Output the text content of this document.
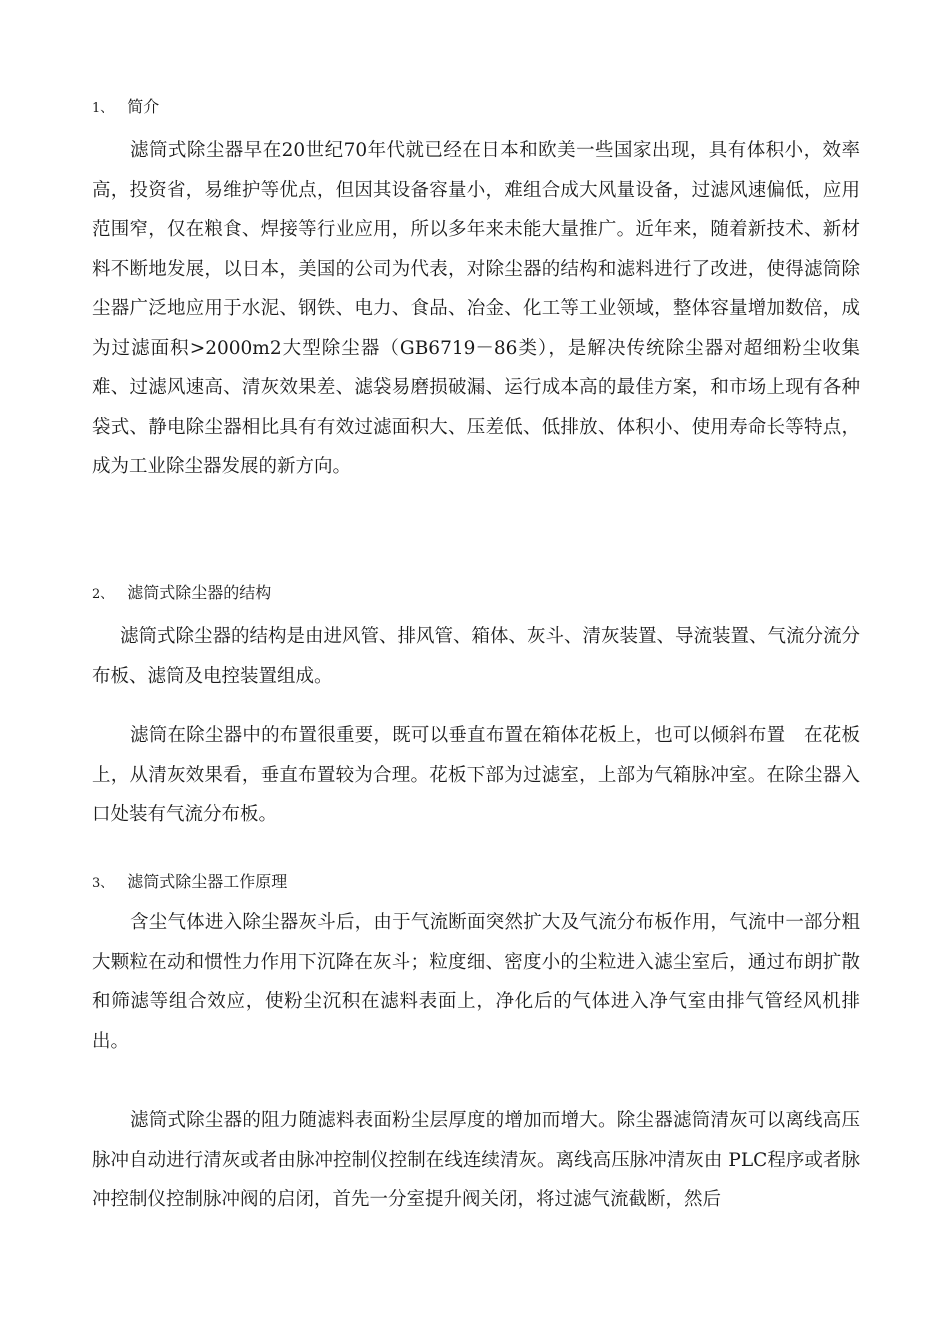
1、 简介

滤筒式除尘器早在20世纪70年代就已经在日本和欧美一些国家出现，具有体积小，效率高，投资省，易维护等优点，但因其设备容量小，难组合成大风量设备，过滤风速偏低，应用范围窄，仅在粮食、焊接等行业应用，所以多年来未能大量推广。近年来，随着新技术、新材料不断地发展，以日本，美国的公司为代表，对除尘器的结构和滤料进行了改进，使得滤筒除尘器广泛地应用于水泥、钢铁、电力、食品、冶金、化工等工业领域，整体容量增加数倍，成为过滤面积>2000m2大型除尘器（GB6719－86类），是解决传统除尘器对超细粉尘收集难、过滤风速高、清灰效果差、滤袋易磨损破漏、运行成本高的最佳方案，和市场上现有各种袋式、静电除尘器相比具有有效过滤面积大、压差低、低排放、体积小、使用寿命长等特点，成为工业除尘器发展的新方向。

2、 滤筒式除尘器的结构

滤筒式除尘器的结构是由进风管、排风管、箱体、灰斗、清灰装置、导流装置、气流分流分布板、滤筒及电控装置组成。

滤筒在除尘器中的布置很重要，既可以垂直布置在箱体花板上，也可以倾斜布置　在花板上，从清灰效果看，垂直布置较为合理。花板下部为过滤室，上部为气箱脉冲室。在除尘器入口处装有气流分布板。

3、 滤筒式除尘器工作原理

含尘气体进入除尘器灰斗后，由于气流断面突然扩大及气流分布板作用，气流中一部分粗大颗粒在动和惯性力作用下沉降在灰斗；粒度细、密度小的尘粒进入滤尘室后，通过布朗扩散和筛滤等组合效应，使粉尘沉积在滤料表面上，净化后的气体进入净气室由排气管经风机排出。

滤筒式除尘器的阻力随滤料表面粉尘层厚度的增加而增大。除尘器滤筒清灰可以离线高压脉冲自动进行清灰或者由脉冲控制仪控制在线连续清灰。离线高压脉冲清灰由 PLC程序或者脉冲控制仪控制脉冲阀的启闭，首先一分室提升阀关闭，将过滤气流截断，然后
